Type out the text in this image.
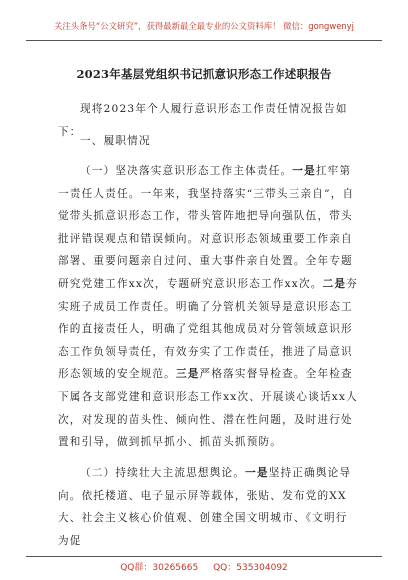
关注头条号“公文研究”，获得最新最全最专业的公文资料库！ 微信：gongwenyj
2023年基层党组织书记抓意识形态工作述职报告
现将2023年个人履行意识形态工作责任情况报告如下：
一、履职情况
（一）坚决落实意识形态工作主体责任。一是扛牢第一责任人责任。一年来，我坚持落实“三带头三亲自”，自觉带头抓意识形态工作，带头管阵地把导向强队伍，带头批评错误观点和错误倾向。对意识形态领域重要工作亲自部署、重要问题亲自过问、重大事件亲自处置。全年专题研究党建工作xx次，专题研究意识形态工作xx次。二是夯实班子成员工作责任。明确了分管机关领导是意识形态工作的直接责任人，明确了党组其他成员对分管领域意识形态工作负领导责任，有效夯实了工作责任，推进了局意识形态领域的安全规范。三是严格落实督导检查。全年检查下属各支部党建和意识形态工作xx次、开展谈心谈话xx人次，对发现的苗头性、倾向性、潜在性问题，及时进行处置和引导，做到抓早抓小、抓苗头抓预防。
（二）持续壮大主流思想舆论。一是坚持正确舆论导向。依托楼道、电子显示屏等载体，张贴、发布党的XX大、社会主义核心价值观、创建全国文明城市、《文明行为促
QQ群：30265665 QQ：535304092
